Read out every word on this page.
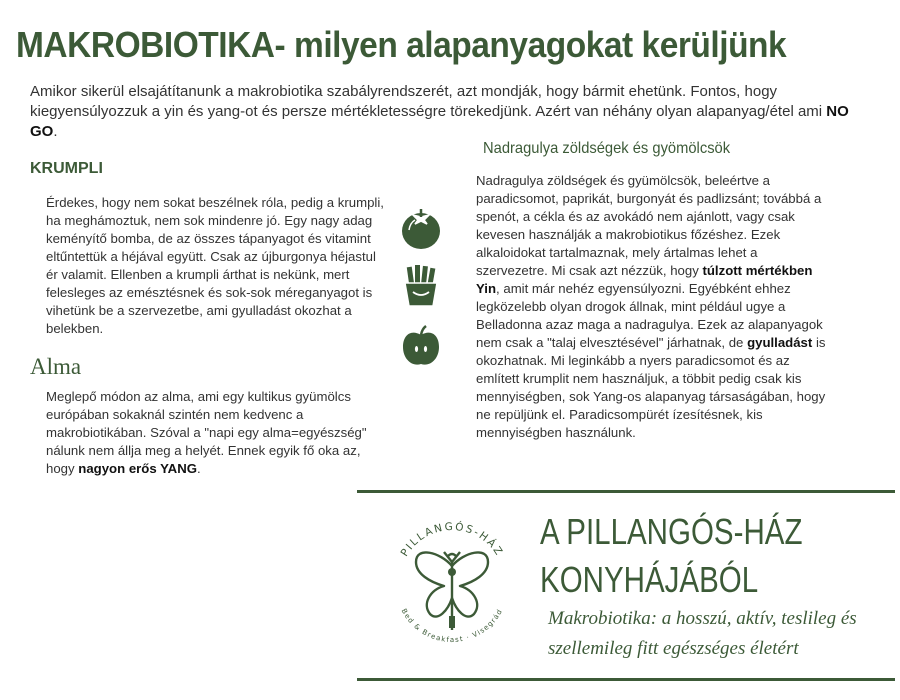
MAKROBIOTIKA- milyen alapanyagokat kerüljünk
Amikor sikerül elsajátítanunk a makrobiotika szabályrendszerét, azt mondják, hogy bármit ehetünk. Fontos, hogy kiegyensúlyozzuk a yin és yang-ot és persze mértékletességre törekedjünk. Azért van néhány olyan alapanyag/étel ami NO GO.
KRUMPLI
Érdekes, hogy nem sokat beszélnek róla, pedig a krumpli, ha meghámoztuk, nem sok mindenre jó. Egy nagy adag keményítő bomba, de az összes tápanyagot és vitamint eltűntettük a héjával együtt. Csak az újburgonya héjastul ér valamit. Ellenben a krumpli árthat is nekünk, mert felesleges az emésztésnek és sok-sok méreganyagot is vihetünk be a szervezetbe, ami gyulladást okozhat a belekben.
Alma
Meglepő módon az alma, ami egy kultikus gyümölcs európában sokaknál szintén nem kedvenc a makrobiotikában. Szóval a "napi egy alma=egyészség" nálunk nem állja meg a helyét. Ennek egyik fő oka az, hogy nagyon erős YANG.
Nadragulya zöldségek és gyömölcsök
Nadragulya zöldségek és gyümölcsök, beleértve a paradicsomot, paprikát, burgonyát és padlizsánt; továbbá a spenót, a cékla és az avokádó nem ajánlott, vagy csak kevesen használják a makrobiotikus főzéshez. Ezek alkaloidokat tartalmaznak, mely ártalmas lehet a szervezetre. Mi csak azt nézzük, hogy túlzott mértékben Yin, amit már nehéz egyensúlyozni. Egyébként ehhez legközelebb olyan drogok állnak, mint például ugye a Belladonna azaz maga a nadragulya. Ezek az alapanyagok nem csak a "talaj elvesztésével" járhatnak, de gyulladást is okozhatnak. Mi leginkább a nyers paradicsomot és az említett krumplit nem használjuk, a többit pedig csak kis mennyiségben, sok Yang-os alapanyag társaságában, hogy ne repüljünk el. Paradicsompürét ízesítésnek, kis mennyiségben használunk.
PILLANGÓS-HÁZ
Bed & Breakfast · Visegrád
A PILLANGÓS-HÁZ
KONYHÁJÁBÓL
Makrobiotika: a hosszú, aktív, teslileg és szellemileg fitt egészséges életért
